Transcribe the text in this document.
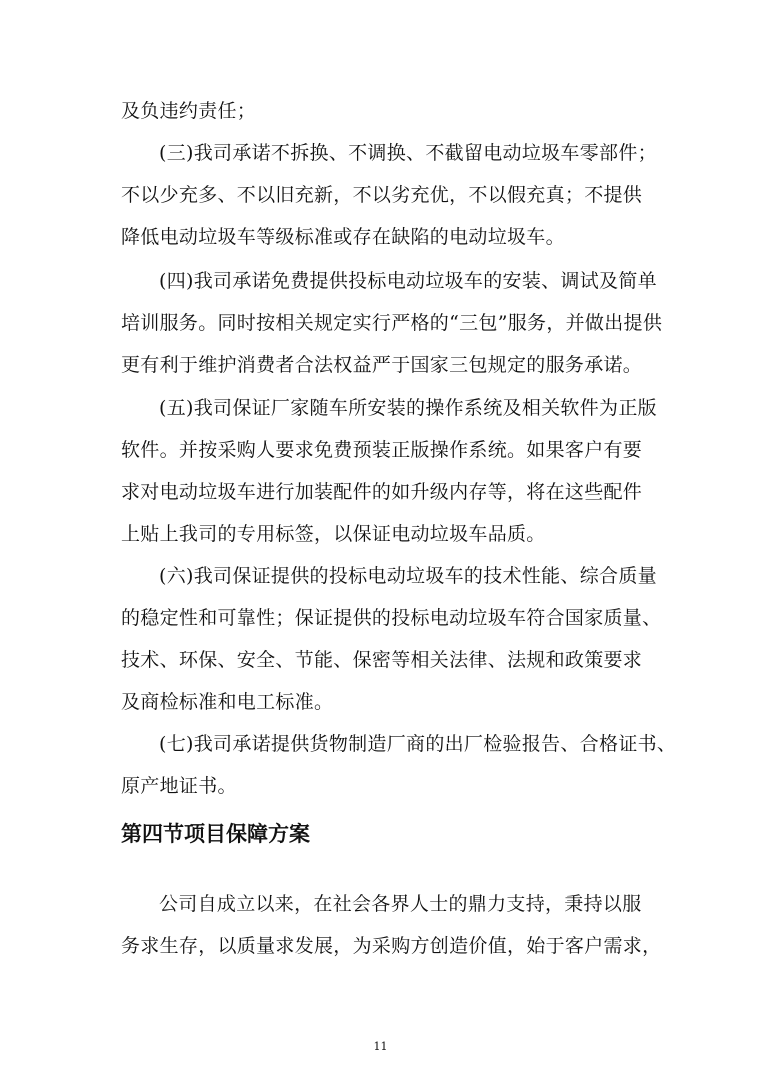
及负违约责任；

(三)我司承诺不拆换、不调换、不截留电动垃圾车零部件；

不以少充多、不以旧充新，不以劣充优，不以假充真；不提供

降低电动垃圾车等级标准或存在缺陷的电动垃圾车。

(四)我司承诺免费提供投标电动垃圾车的安装、调试及简单

培训服务。同时按相关规定实行严格的“三包”服务，并做出提供

更有利于维护消费者合法权益严于国家三包规定的服务承诺。

(五)我司保证厂家随车所安装的操作系统及相关软件为正版

软件。并按采购人要求免费预装正版操作系统。如果客户有要

求对电动垃圾车进行加装配件的如升级内存等，将在这些配件

上贴上我司的专用标签，以保证电动垃圾车品质。

(六)我司保证提供的投标电动垃圾车的技术性能、综合质量

的稳定性和可靠性；保证提供的投标电动垃圾车符合国家质量、

技术、环保、安全、节能、保密等相关法律、法规和政策要求

及商检标准和电工标准。

(七)我司承诺提供货物制造厂商的出厂检验报告、合格证书、

原产地证书。

第四节项目保障方案

公司自成立以来，在社会各界人士的鼎力支持，秉持以服

务求生存，以质量求发展，为采购方创造价值，始于客户需求，

11
